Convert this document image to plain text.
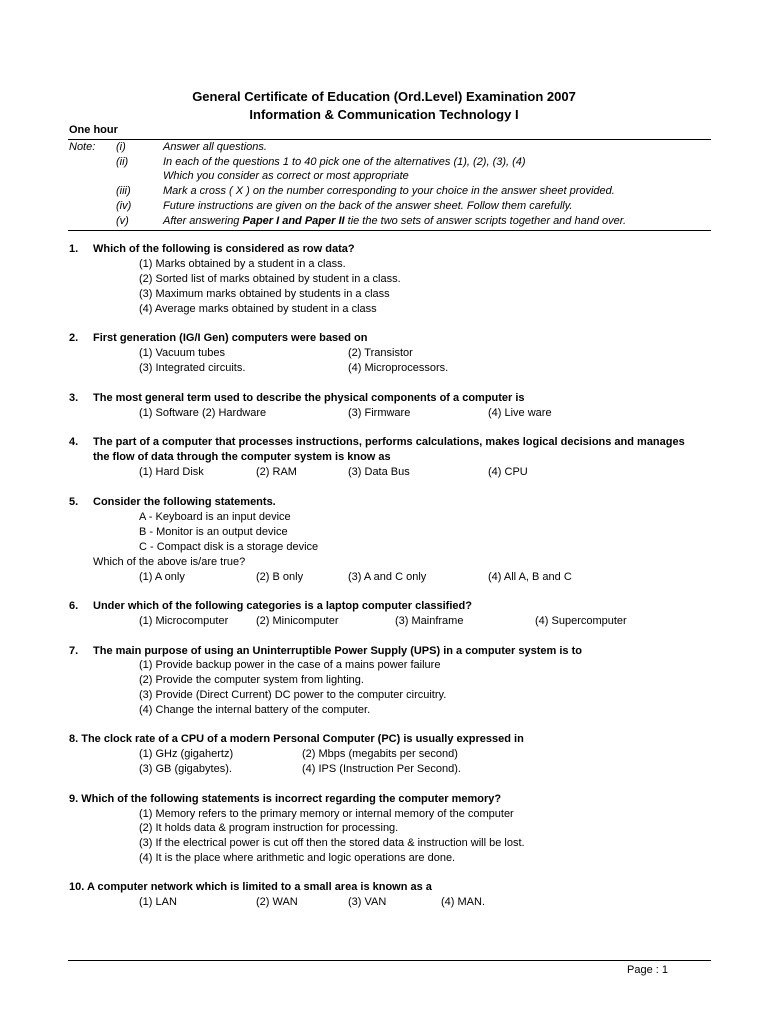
General Certificate of Education (Ord.Level) Examination 2007
Information & Communication Technology I
One hour
Note: (i)	Answer all questions.
(ii)	In each of the questions 1 to 40 pick one of the alternatives (1), (2), (3), (4)
Which you consider as correct or most appropriate
(iii)	Mark a cross ( X ) on the number corresponding to your choice in the answer sheet provided.
(iv)	Future instructions are given on the back of the answer sheet. Follow them carefully.
(v)	After answering Paper I and Paper II tie the two sets of answer scripts together and hand over.
1. Which of the following is considered as row data?
(1) Marks obtained by a student in a class.
(2) Sorted list of marks obtained by student in a class.
(3) Maximum marks obtained by students in a class
(4) Average marks obtained by student in a class
2. First generation (IG/I Gen) computers were based on
(1) Vacuum tubes	(2) Transistor
(3) Integrated circuits.	(4) Microprocessors.
3. The most general term used to describe the physical components of a computer is
(1) Software (2) Hardware	(3) Firmware	(4) Live ware
4. The part of a computer that processes instructions, performs calculations, makes logical decisions and manages
the flow of data through the computer system is know as
(1) Hard Disk	(2) RAM	(3) Data Bus	(4) CPU
5. Consider the following statements.
A - Keyboard is an input device
B - Monitor is an output device
C - Compact disk is a storage device
Which of the above is/are true?
(1) A only	(2) B only	(3) A and C only	(4) All A, B and C
6. Under which of the following categories is a laptop computer classified?
(1) Microcomputer	(2) Minicomputer	(3) Mainframe	(4) Supercomputer
7. The main purpose of using an Uninterruptible Power Supply (UPS) in a computer system is to
(1) Provide backup power in the case of a mains power failure
(2) Provide the computer system from lighting.
(3) Provide (Direct Current) DC power to the computer circuitry.
(4) Change the internal battery of the computer.
8. The clock rate of a CPU of a modern Personal Computer (PC) is usually expressed in
(1) GHz (gigahertz)	(2) Mbps (megabits per second)
(3) GB (gigabytes).	(4) IPS (Instruction Per Second).
9. Which of the following statements is incorrect regarding the computer memory?
(1) Memory refers to the primary memory or internal memory of the computer
(2) It holds data & program instruction for processing.
(3) If the electrical power is cut off then the stored data & instruction will be lost.
(4) It is the place where arithmetic and logic operations are done.
10. A computer network which is limited to a small area is known as a
(1) LAN	(2) WAN	(3) VAN	(4) MAN.
Page : 1
